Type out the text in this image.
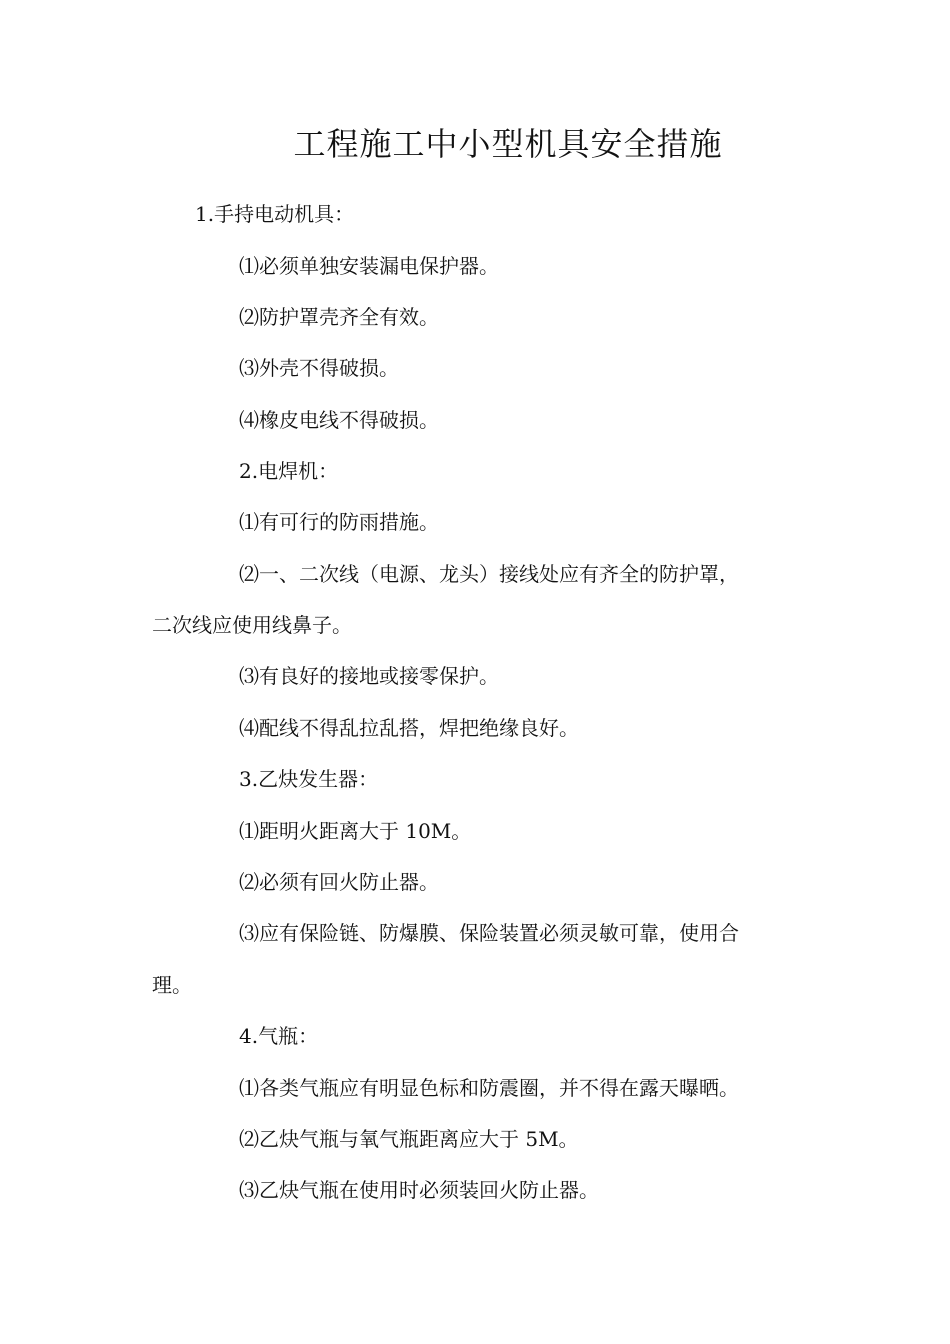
工程施工中小型机具安全措施

1.手持电动机具：

⑴必须单独安装漏电保护器。

⑵防护罩壳齐全有效。

⑶外壳不得破损。

⑷橡皮电线不得破损。

2.电焊机：

⑴有可行的防雨措施。

⑵一、二次线（电源、龙头）接线处应有齐全的防护罩，

二次线应使用线鼻子。

⑶有良好的接地或接零保护。

⑷配线不得乱拉乱搭，焊把绝缘良好。

3.乙炔发生器：

⑴距明火距离大于 10M。

⑵必须有回火防止器。

⑶应有保险链、防爆膜、保险装置必须灵敏可靠，使用合

理。

4.气瓶：

⑴各类气瓶应有明显色标和防震圈，并不得在露天曝晒。

⑵乙炔气瓶与氧气瓶距离应大于 5M。

⑶乙炔气瓶在使用时必须装回火防止器。
